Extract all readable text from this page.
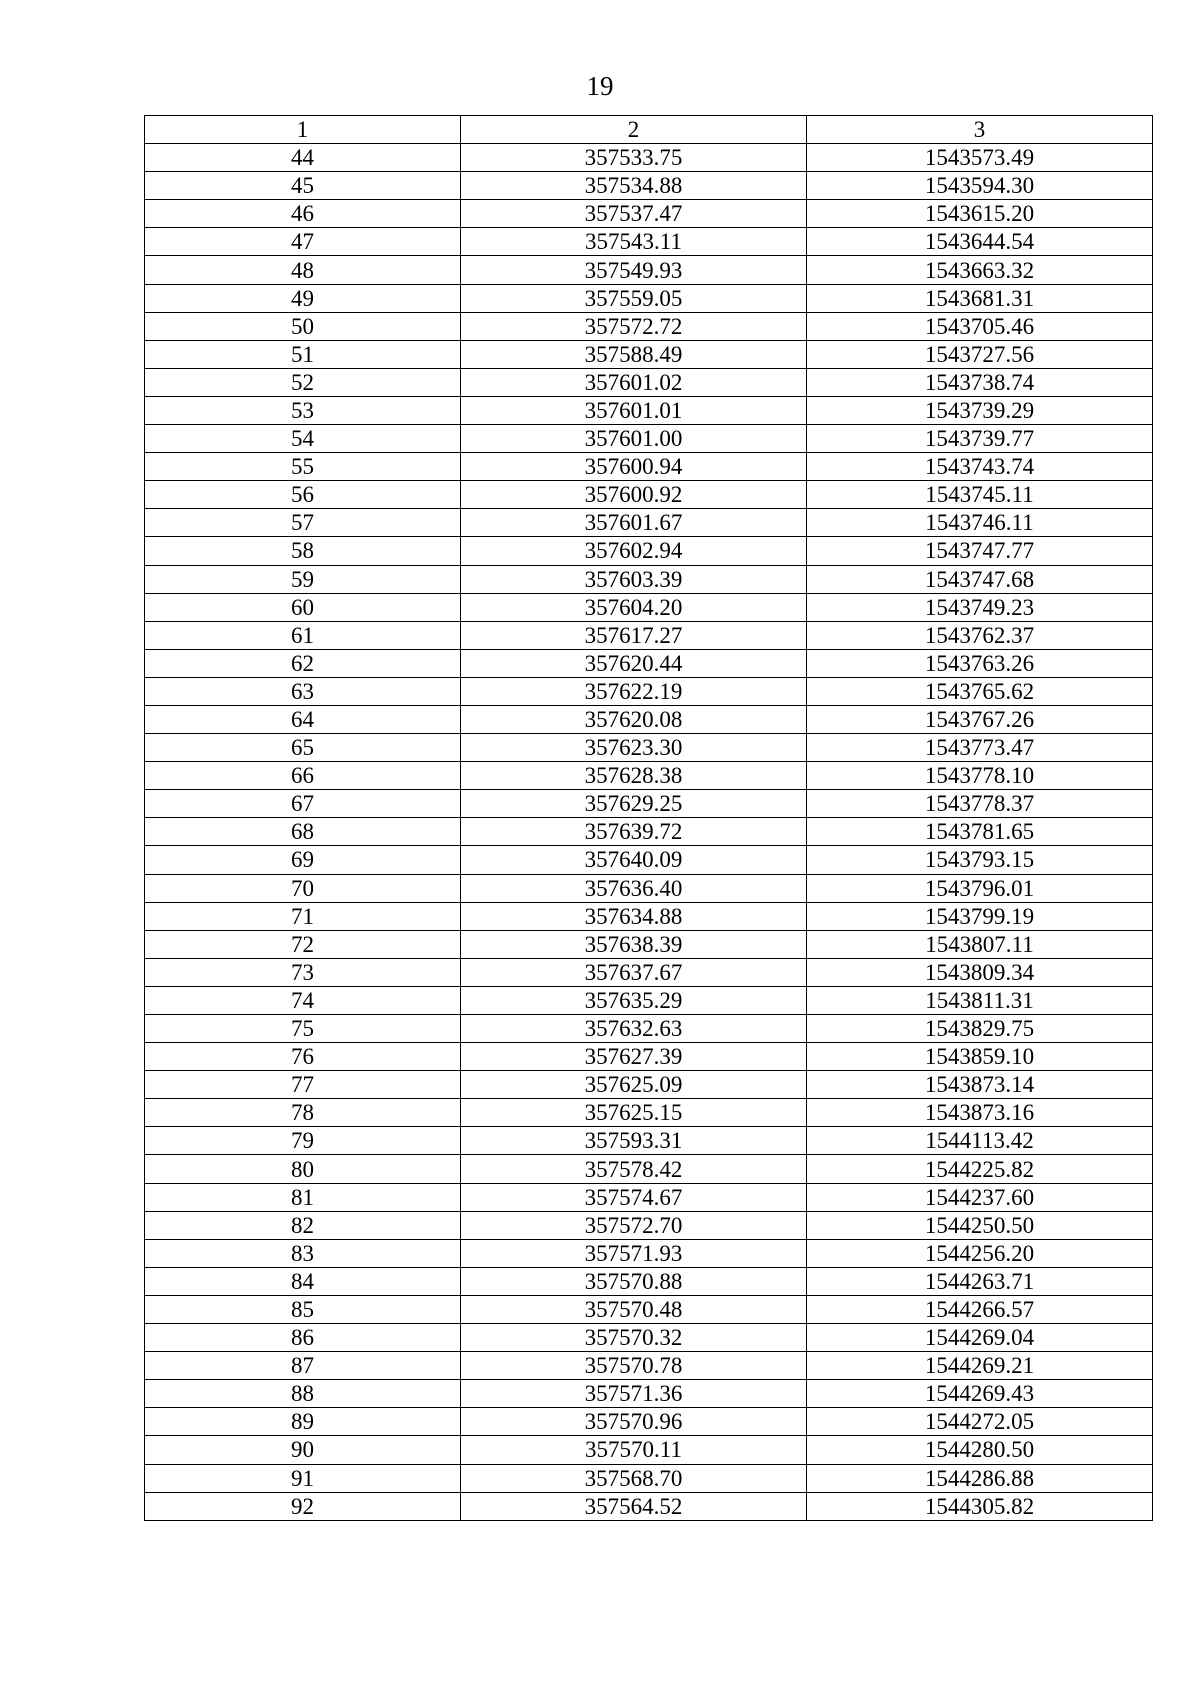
19
1	2	3
44	357533.75	1543573.49
45	357534.88	1543594.30
46	357537.47	1543615.20
47	357543.11	1543644.54
48	357549.93	1543663.32
49	357559.05	1543681.31
50	357572.72	1543705.46
51	357588.49	1543727.56
52	357601.02	1543738.74
53	357601.01	1543739.29
54	357601.00	1543739.77
55	357600.94	1543743.74
56	357600.92	1543745.11
57	357601.67	1543746.11
58	357602.94	1543747.77
59	357603.39	1543747.68
60	357604.20	1543749.23
61	357617.27	1543762.37
62	357620.44	1543763.26
63	357622.19	1543765.62
64	357620.08	1543767.26
65	357623.30	1543773.47
66	357628.38	1543778.10
67	357629.25	1543778.37
68	357639.72	1543781.65
69	357640.09	1543793.15
70	357636.40	1543796.01
71	357634.88	1543799.19
72	357638.39	1543807.11
73	357637.67	1543809.34
74	357635.29	1543811.31
75	357632.63	1543829.75
76	357627.39	1543859.10
77	357625.09	1543873.14
78	357625.15	1543873.16
79	357593.31	1544113.42
80	357578.42	1544225.82
81	357574.67	1544237.60
82	357572.70	1544250.50
83	357571.93	1544256.20
84	357570.88	1544263.71
85	357570.48	1544266.57
86	357570.32	1544269.04
87	357570.78	1544269.21
88	357571.36	1544269.43
89	357570.96	1544272.05
90	357570.11	1544280.50
91	357568.70	1544286.88
92	357564.52	1544305.82
